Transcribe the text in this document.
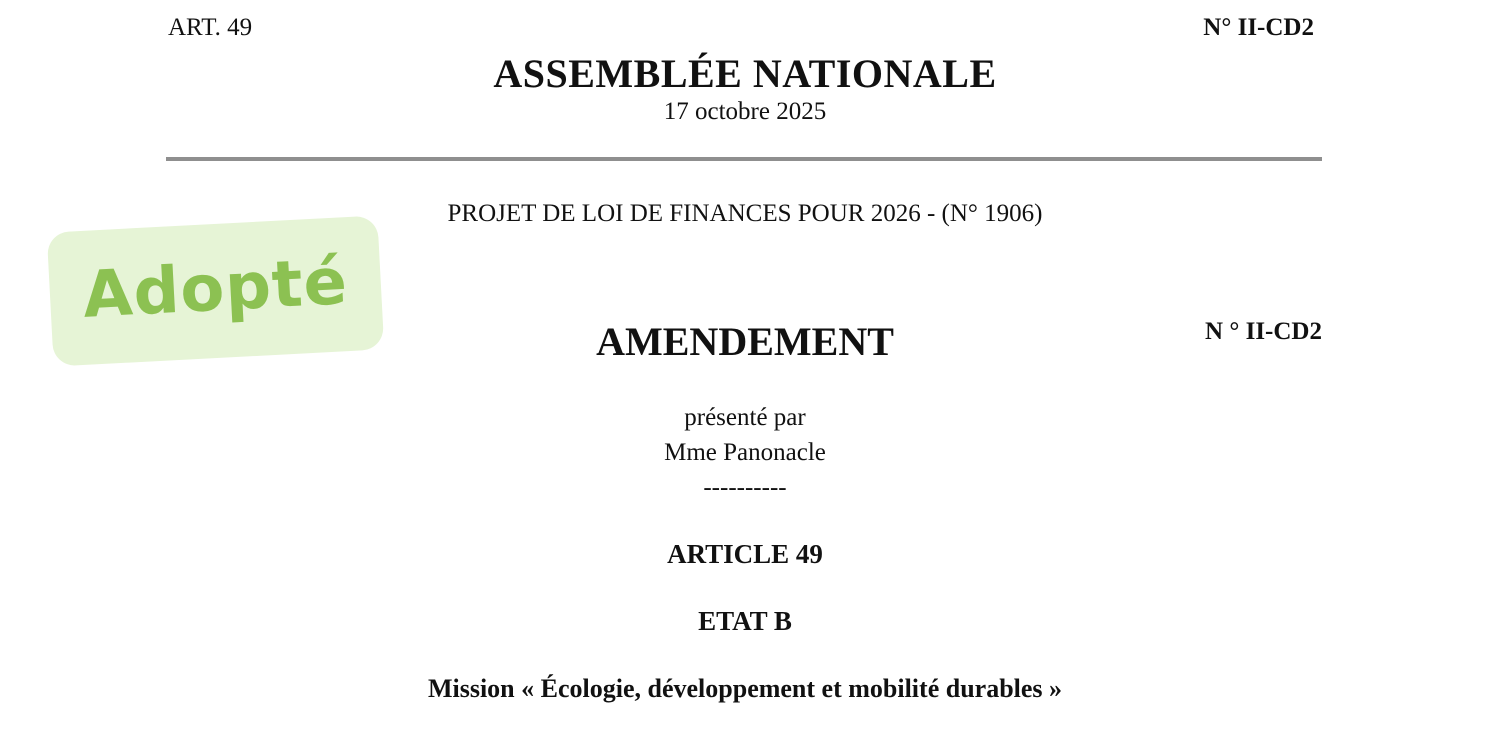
ART. 49	N° II-CD2
ASSEMBLÉE NATIONALE
17 octobre 2025
PROJET DE LOI DE FINANCES POUR 2026 - (N° 1906)
Adopté
AMENDEMENT	N ° II-CD2
présenté par
Mme Panonacle
----------
ARTICLE 49
ETAT B
Mission « Écologie, développement et mobilité durables »
